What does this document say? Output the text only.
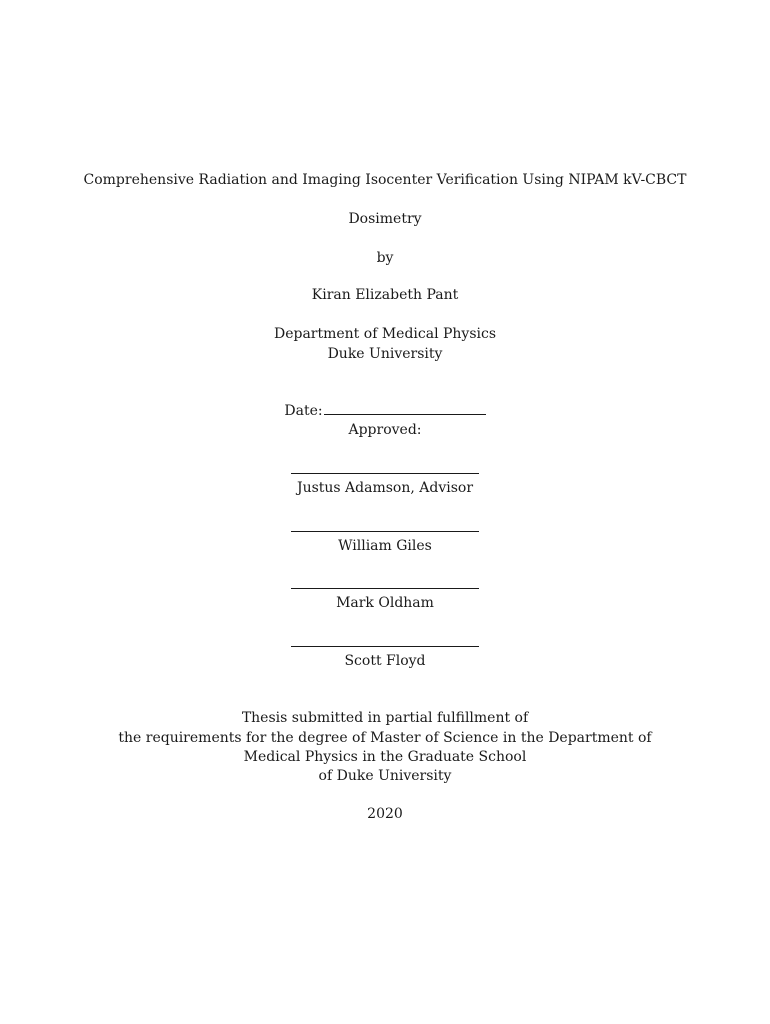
Comprehensive Radiation and Imaging Isocenter Verification Using NIPAM kV-CBCT
Dosimetry
by
Kiran Elizabeth Pant
Department of Medical Physics
Duke University
Date:
Approved:
Justus Adamson, Advisor
William Giles
Mark Oldham
Scott Floyd
Thesis submitted in partial fulfillment of
the requirements for the degree of Master of Science in the Department of
Medical Physics in the Graduate School
of Duke University
2020
